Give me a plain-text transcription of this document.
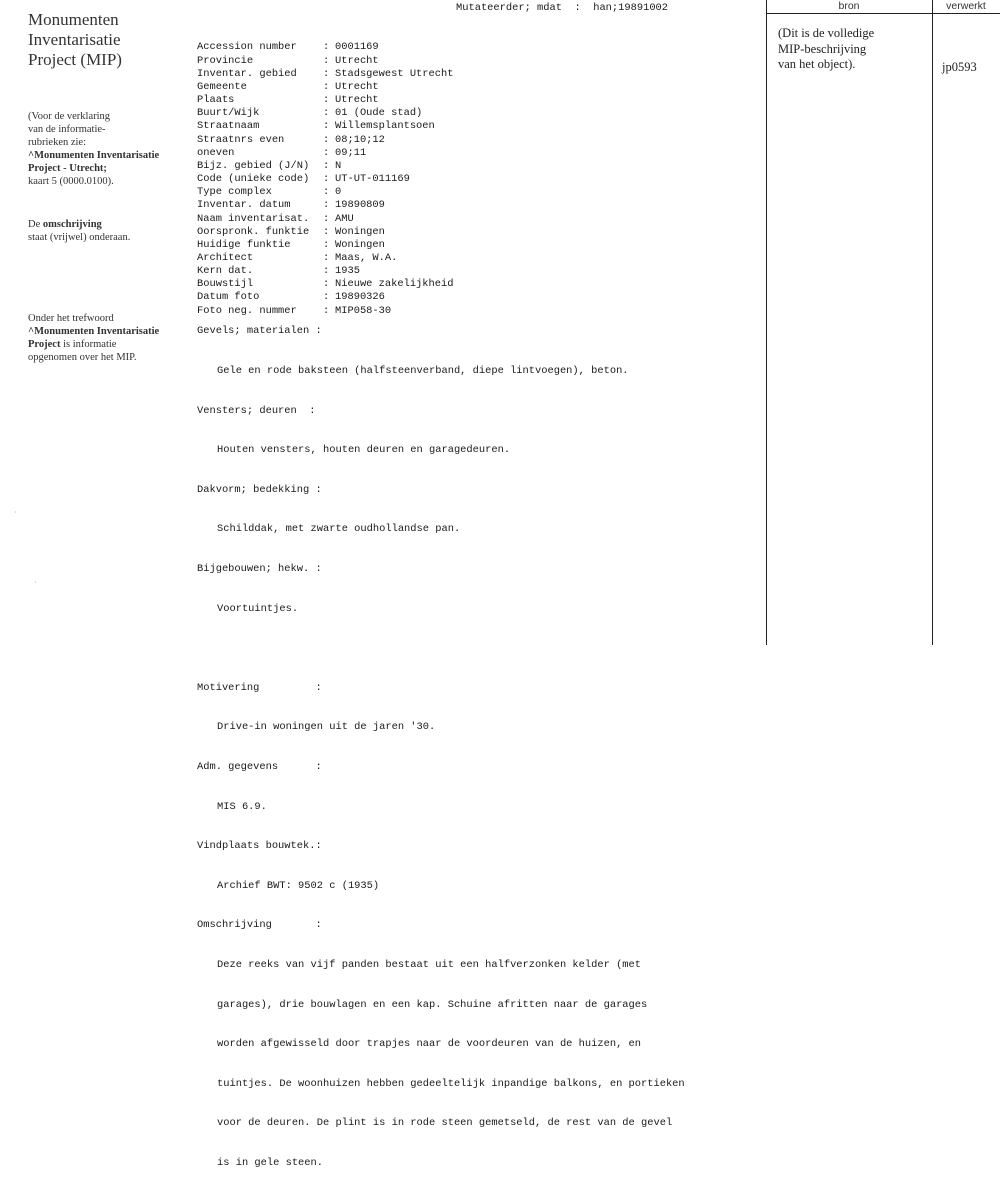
Monumenten
Inventarisatie
Project (MIP)
(Voor de verklaring
van de informatie-
rubrieken zie:
^Monumenten Inventarisatie
Project - Utrecht;
kaart 5 (0000.0100).
De omschrijving
staat (vrijwel) onderaan.
Onder het trefwoord
^Monumenten Inventarisatie
Project is informatie
opgenomen over het MIP.

Mutateerder; mdat  :  han;19891002

Accession number	: 0001169
Provincie	: Utrecht
Inventar. gebied	: Stadsgewest Utrecht
Gemeente	: Utrecht
Plaats	: Utrecht
Buurt/Wijk	: 01 (Oude stad)
Straatnaam	: Willemsplantsoen
Straatnrs even	: 08;10;12
oneven	: 09;11
Bijz. gebied (J/N) : N
Code (unieke code) : UT-UT-011169
Type complex	: 0
Inventar. datum	: 19890809
Naam inventarisat. : AMU
Oorspronk. funktie : Woningen
Huidige funktie	: Woningen
Architect	: Maas, W.A.
Kern dat.	: 1935
Bouwstijl	: Nieuwe zakelijkheid
Datum foto	: 19890326
Foto neg. nummer	: MIP058-30

Gevels; materialen :

Gele en rode baksteen (halfsteenverband, diepe lintvoegen), beton.

Vensters; deuren  :

Houten vensters, houten deuren en garagedeuren.

Dakvorm; bedekking :

Schilddak, met zwarte oudhollandse pan.

Bijgebouwen; hekw. :

Voortuintjes.

Motivering         :

Drive-in woningen uit de jaren '30.

Adm. gegevens      :

MIS 6.9.

Vindplaats bouwtek.:

Archief BWT: 9502 c (1935)

Omschrijving       :

Deze reeks van vijf panden bestaat uit een halfverzonken kelder (met

garages), drie bouwlagen en een kap. Schuine afritten naar de garages

worden afgewisseld door trapjes naar de voordeuren van de huizen, en

tuintjes. De woonhuizen hebben gedeeltelijk inpandige balkons, en portieken

voor de deuren. De plint is in rode steen gemetseld, de rest van de gevel

is in gele steen.

bron	verwerkt
(Dit is de volledige
MIP-beschrijving
van het object).	jp0593
·
·
